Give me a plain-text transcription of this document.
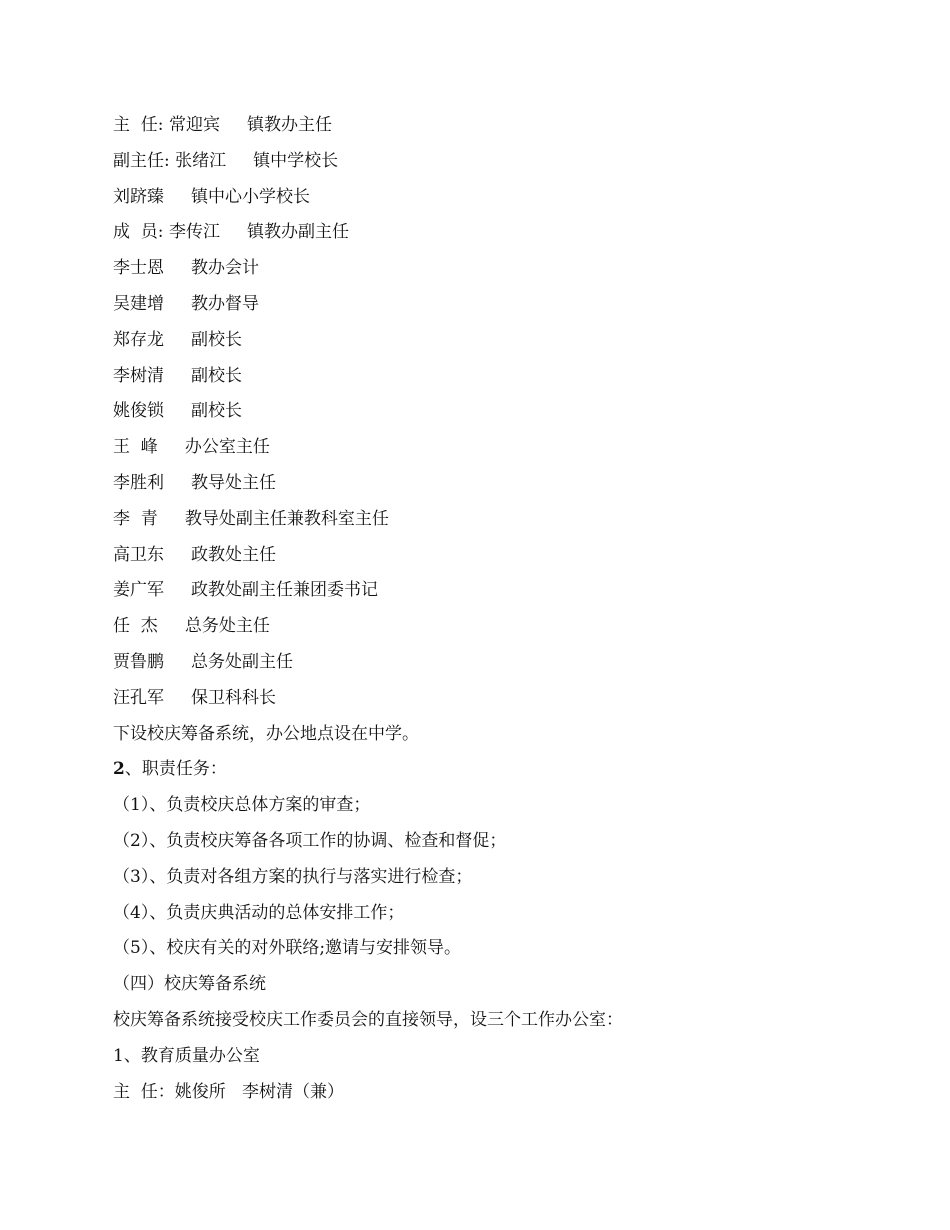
主  任: 常迎宾     镇教办主任
副主任: 张绪江     镇中学校长
刘跻臻     镇中心小学校长
成  员: 李传江     镇教办副主任
李士恩     教办会计
吴建增     教办督导
郑存龙     副校长
李树清     副校长
姚俊锁     副校长
王  峰     办公室主任
李胜利     教导处主任
李  青     教导处副主任兼教科室主任
高卫东     政教处主任
姜广军     政教处副主任兼团委书记
任  杰     总务处主任
贾鲁鹏     总务处副主任
汪孔军     保卫科科长
下设校庆筹备系统，办公地点设在中学。
2、职责任务：
（1）、负责校庆总体方案的审查；
（2）、负责校庆筹备各项工作的协调、检查和督促；
（3）、负责对各组方案的执行与落实进行检查；
（4）、负责庆典活动的总体安排工作；
（5）、校庆有关的对外联络;邀请与安排领导。
（四）校庆筹备系统
校庆筹备系统接受校庆工作委员会的直接领导，设三个工作办公室：
1、教育质量办公室
主  任：姚俊所   李树清（兼）
